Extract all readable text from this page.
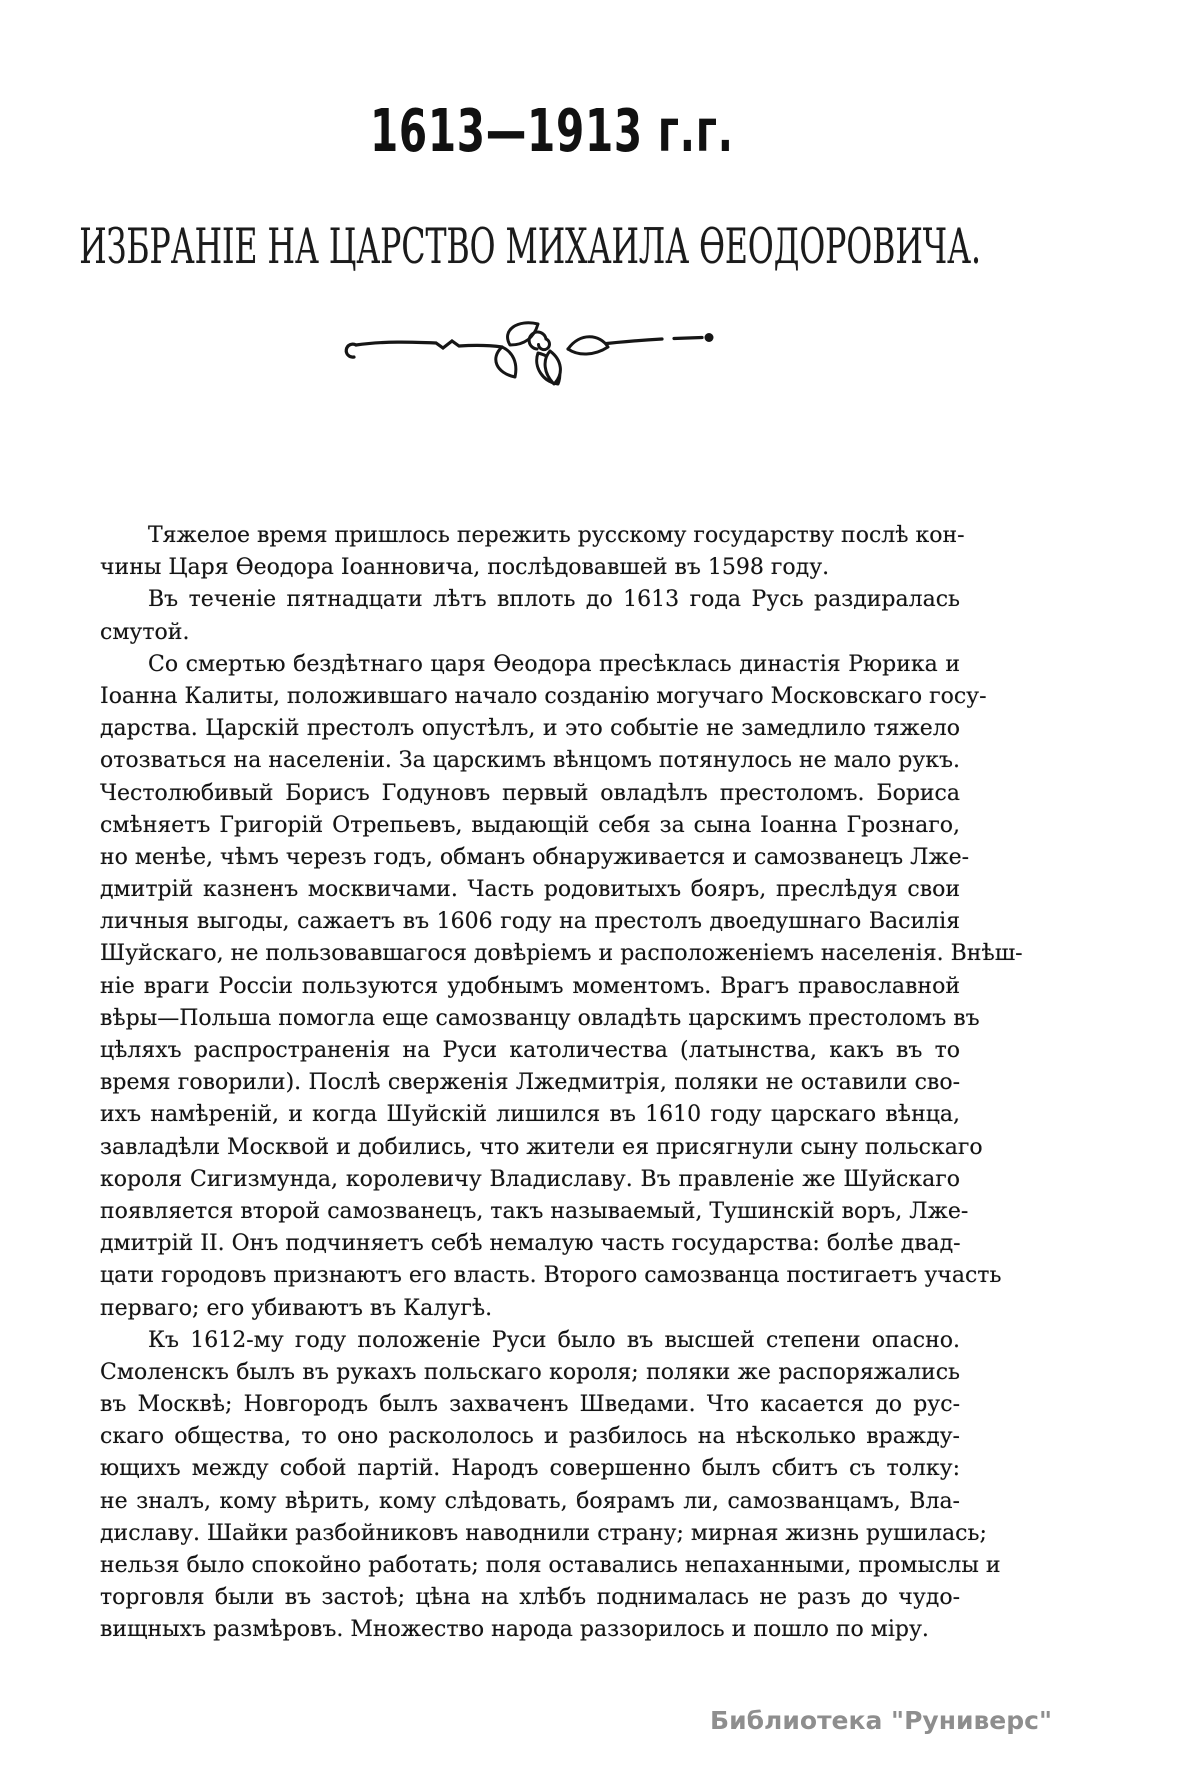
1613—1913 г.г.
ИЗБРАНІЕ НА ЦАРСТВО МИХАИЛА ѲЕОДОРОВИЧА.
Тяжелое время пришлось пережить русскому государству послѣ кон-
чины Царя Ѳеодора Іоанновича, послѣдовавшей въ 1598 году.
Въ теченіе пятнадцати лѣтъ вплоть до 1613 года Русь раздиралась
смутой.
Со смертью бездѣтнаго царя Ѳеодора пресѣклась династія Рюрика и
Іоанна Калиты, положившаго начало созданію могучаго Московскаго госу-
дарства. Царскій престолъ опустѣлъ, и это событіе не замедлило тяжело
отозваться на населеніи. За царскимъ вѣнцомъ потянулось не мало рукъ.
Честолюбивый Борисъ Годуновъ первый овладѣлъ престоломъ. Бориса
смѣняетъ Григорій Отрепьевъ, выдающій себя за сына Іоанна Грознаго,
но менѣе, чѣмъ черезъ годъ, обманъ обнаруживается и самозванецъ Лже-
дмитрій казненъ москвичами. Часть родовитыхъ бояръ, преслѣдуя свои
личныя выгоды, сажаетъ въ 1606 году на престолъ двоедушнаго Василія
Шуйскаго, не пользовавшагося довѣріемъ и расположеніемъ населенія. Внѣш-
ніе враги Россіи пользуются удобнымъ моментомъ. Врагъ православной
вѣры—Польша помогла еще самозванцу овладѣть царскимъ престоломъ въ
цѣляхъ распространенія на Руси католичества (латынства, какъ въ то
время говорили). Послѣ сверженія Лжедмитрія, поляки не оставили сво-
ихъ намѣреній, и когда Шуйскій лишился въ 1610 году царскаго вѣнца,
завладѣли Москвой и добились, что жители ея присягнули сыну польскаго
короля Сигизмунда, королевичу Владиславу. Въ правленіе же Шуйскаго
появляется второй самозванецъ, такъ называемый, Тушинскій воръ, Лже-
дмитрій II. Онъ подчиняетъ себѣ немалую часть государства: болѣе двад-
цати городовъ признаютъ его власть. Второго самозванца постигаетъ участь
перваго; его убиваютъ въ Калугѣ.
Къ 1612-му году положеніе Руси было въ высшей степени опасно.
Смоленскъ былъ въ рукахъ польскаго короля; поляки же распоряжались
въ Москвѣ; Новгородъ былъ захваченъ Шведами. Что касается до рус-
скаго общества, то оно раскололось и разбилось на нѣсколько вражду-
ющихъ между собой партій. Народъ совершенно былъ сбитъ съ толку:
не зналъ, кому вѣрить, кому слѣдовать, боярамъ ли, самозванцамъ, Вла-
диславу. Шайки разбойниковъ наводнили страну; мирная жизнь рушилась;
нельзя было спокойно работать; поля оставались непаханными, промыслы и
торговля были въ застоѣ; цѣна на хлѣбъ поднималась не разъ до чудо-
вищныхъ размѣровъ. Множество народа раззорилось и пошло по міру.
Библиотека "Руниверс"
